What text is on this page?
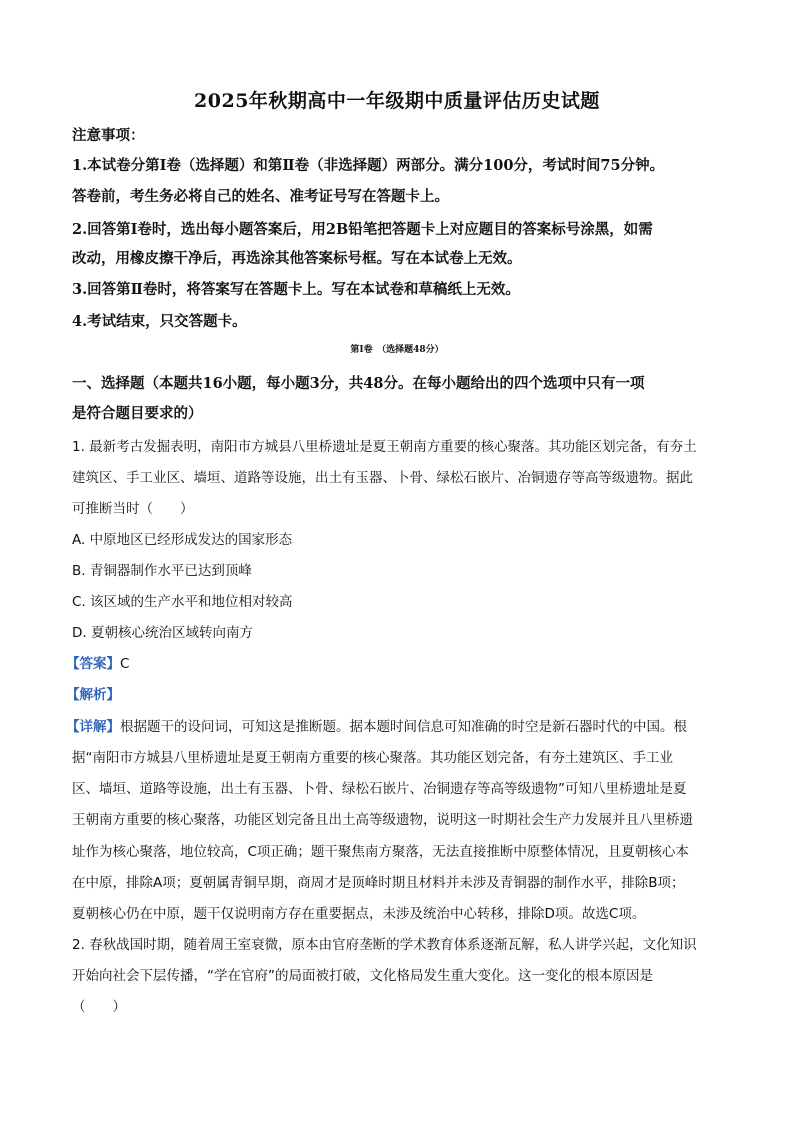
2025年秋期高中一年级期中质量评估历史试题
注意事项：
1.本试卷分第Ⅰ卷（选择题）和第Ⅱ卷（非选择题）两部分。满分100分，考试时间75分钟。
答卷前，考生务必将自己的姓名、准考证号写在答题卡上。
2.回答第Ⅰ卷时，选出每小题答案后，用2B铅笔把答题卡上对应题目的答案标号涂黑，如需
改动，用橡皮擦干净后，再选涂其他答案标号框。写在本试卷上无效。
3.回答第Ⅱ卷时，将答案写在答题卡上。写在本试卷和草稿纸上无效。
4.考试结束，只交答题卡。
第Ⅰ卷　（选择题48分）
一、选择题（本题共16小题，每小题3分，共48分。在每小题给出的四个选项中只有一项
是符合题目要求的）
1. 最新考古发掘表明，南阳市方城县八里桥遗址是夏王朝南方重要的核心聚落。其功能区划完备，有夯土
建筑区、手工业区、墙垣、道路等设施，出土有玉器、卜骨、绿松石嵌片、冶铜遗存等高等级遗物。据此
可推断当时（　　）
A. 中原地区已经形成发达的国家形态
B. 青铜器制作水平已达到顶峰
C. 该区域的生产水平和地位相对较高
D. 夏朝核心统治区域转向南方
【答案】C
【解析】
【详解】根据题干的设问词，可知这是推断题。据本题时间信息可知准确的时空是新石器时代的中国。根
据“南阳市方城县八里桥遗址是夏王朝南方重要的核心聚落。其功能区划完备，有夯土建筑区、手工业
区、墙垣、道路等设施，出土有玉器、卜骨、绿松石嵌片、冶铜遗存等高等级遗物”可知八里桥遗址是夏
王朝南方重要的核心聚落，功能区划完备且出土高等级遗物，说明这一时期社会生产力发展并且八里桥遗
址作为核心聚落，地位较高，C项正确；题干聚焦南方聚落，无法直接推断中原整体情况，且夏朝核心本
在中原，排除A项；夏朝属青铜早期，商周才是顶峰时期且材料并未涉及青铜器的制作水平，排除B项；
夏朝核心仍在中原，题干仅说明南方存在重要据点，未涉及统治中心转移，排除D项。故选C项。
2. 春秋战国时期，随着周王室衰微，原本由官府垄断的学术教育体系逐渐瓦解，私人讲学兴起，文化知识
开始向社会下层传播，“学在官府”的局面被打破，文化格局发生重大变化。这一变化的根本原因是
（　　）
